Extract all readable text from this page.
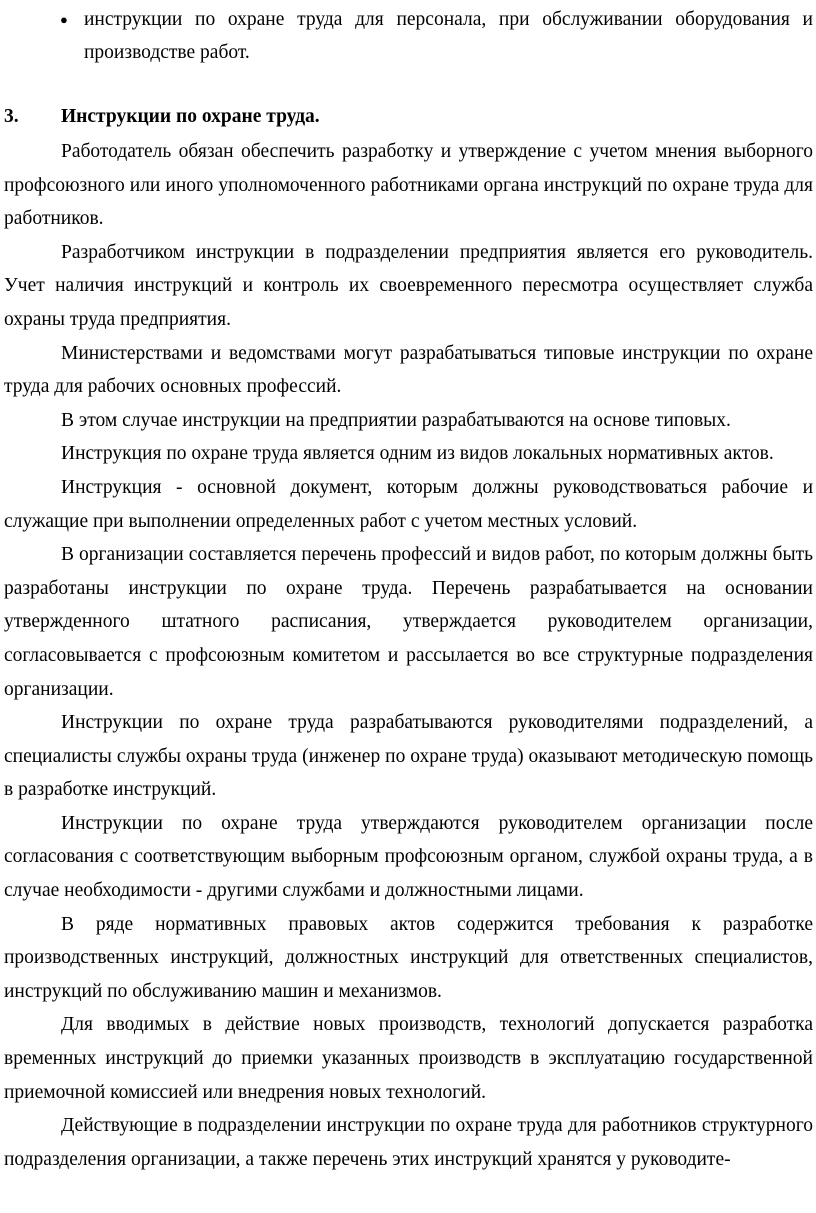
● инструкции по охране труда для персонала, при обслуживании оборудования и производстве работ.
3.	Инструкции по охране труда.

Работодатель обязан обеспечить разработку и утверждение с учетом мнения выборного профсоюзного или иного уполномоченного работниками органа инструкций по охране труда для работников.

Разработчиком инструкции в подразделении предприятия является его руководитель. Учет наличия инструкций и контроль их своевременного пересмотра осуществляет служба охраны труда предприятия.

Министерствами и ведомствами могут разрабатываться типовые инструкции по охране труда для рабочих основных профессий.

В этом случае инструкции на предприятии разрабатываются на основе типовых.

Инструкция по охране труда является одним из видов локальных нормативных актов.

Инструкция - основной документ, которым должны руководствоваться рабочие и служащие при выполнении определенных работ с учетом местных условий.

В организации составляется перечень профессий и видов работ, по которым должны быть разработаны инструкции по охране труда. Перечень разрабатывается на основании утвержденного штатного расписания, утверждается руководителем организации, согласовывается с профсоюзным комитетом и рассылается во все структурные подразделения организации.

Инструкции по охране труда разрабатываются руководителями подразделений, а специалисты службы охраны труда (инженер по охране труда) оказывают методическую помощь в разработке инструкций.

Инструкции по охране труда утверждаются руководителем организации после согласования с соответствующим выборным профсоюзным органом, службой охраны труда, а в случае необходимости - другими службами и должностными лицами.

В ряде нормативных правовых актов содержится требования к разработке производственных инструкций, должностных инструкций для ответственных специалистов, инструкций по обслуживанию машин и механизмов.

Для вводимых в действие новых производств, технологий допускается разработка временных инструкций до приемки указанных производств в эксплуатацию государственной приемочной комиссией или внедрения новых технологий.

Действующие в подразделении инструкции по охране труда для работников структурного подразделения организации, а также перечень этих инструкций хранятся у руководите-
